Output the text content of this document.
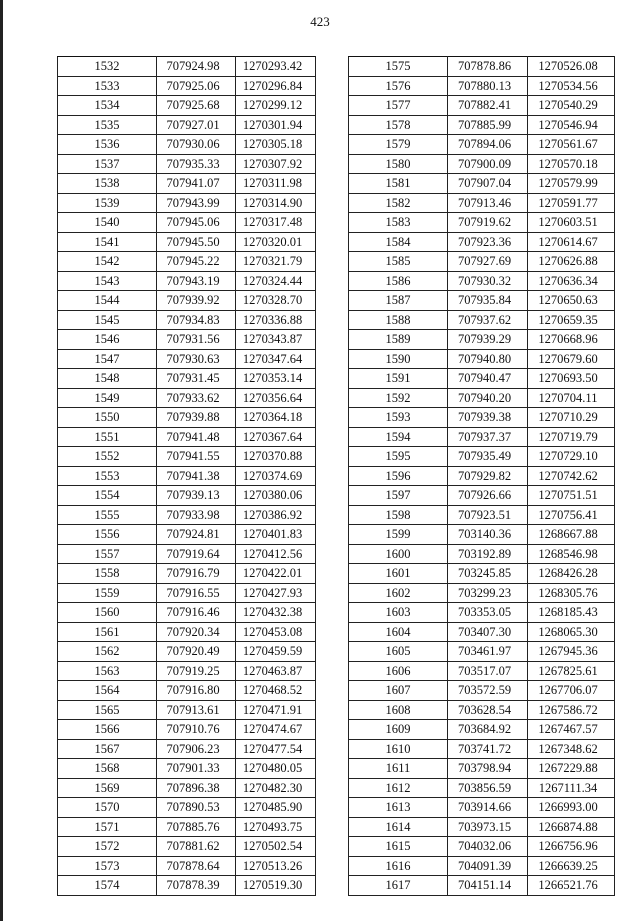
423
1532	707924.98	1270293.42
1533	707925.06	1270296.84
1534	707925.68	1270299.12
1535	707927.01	1270301.94
1536	707930.06	1270305.18
1537	707935.33	1270307.92
1538	707941.07	1270311.98
1539	707943.99	1270314.90
1540	707945.06	1270317.48
1541	707945.50	1270320.01
1542	707945.22	1270321.79
1543	707943.19	1270324.44
1544	707939.92	1270328.70
1545	707934.83	1270336.88
1546	707931.56	1270343.87
1547	707930.63	1270347.64
1548	707931.45	1270353.14
1549	707933.62	1270356.64
1550	707939.88	1270364.18
1551	707941.48	1270367.64
1552	707941.55	1270370.88
1553	707941.38	1270374.69
1554	707939.13	1270380.06
1555	707933.98	1270386.92
1556	707924.81	1270401.83
1557	707919.64	1270412.56
1558	707916.79	1270422.01
1559	707916.55	1270427.93
1560	707916.46	1270432.38
1561	707920.34	1270453.08
1562	707920.49	1270459.59
1563	707919.25	1270463.87
1564	707916.80	1270468.52
1565	707913.61	1270471.91
1566	707910.76	1270474.67
1567	707906.23	1270477.54
1568	707901.33	1270480.05
1569	707896.38	1270482.30
1570	707890.53	1270485.90
1571	707885.76	1270493.75
1572	707881.62	1270502.54
1573	707878.64	1270513.26
1574	707878.39	1270519.30
1575	707878.86	1270526.08
1576	707880.13	1270534.56
1577	707882.41	1270540.29
1578	707885.99	1270546.94
1579	707894.06	1270561.67
1580	707900.09	1270570.18
1581	707907.04	1270579.99
1582	707913.46	1270591.77
1583	707919.62	1270603.51
1584	707923.36	1270614.67
1585	707927.69	1270626.88
1586	707930.32	1270636.34
1587	707935.84	1270650.63
1588	707937.62	1270659.35
1589	707939.29	1270668.96
1590	707940.80	1270679.60
1591	707940.47	1270693.50
1592	707940.20	1270704.11
1593	707939.38	1270710.29
1594	707937.37	1270719.79
1595	707935.49	1270729.10
1596	707929.82	1270742.62
1597	707926.66	1270751.51
1598	707923.51	1270756.41
1599	703140.36	1268667.88
1600	703192.89	1268546.98
1601	703245.85	1268426.28
1602	703299.23	1268305.76
1603	703353.05	1268185.43
1604	703407.30	1268065.30
1605	703461.97	1267945.36
1606	703517.07	1267825.61
1607	703572.59	1267706.07
1608	703628.54	1267586.72
1609	703684.92	1267467.57
1610	703741.72	1267348.62
1611	703798.94	1267229.88
1612	703856.59	1267111.34
1613	703914.66	1266993.00
1614	703973.15	1266874.88
1615	704032.06	1266756.96
1616	704091.39	1266639.25
1617	704151.14	1266521.76
